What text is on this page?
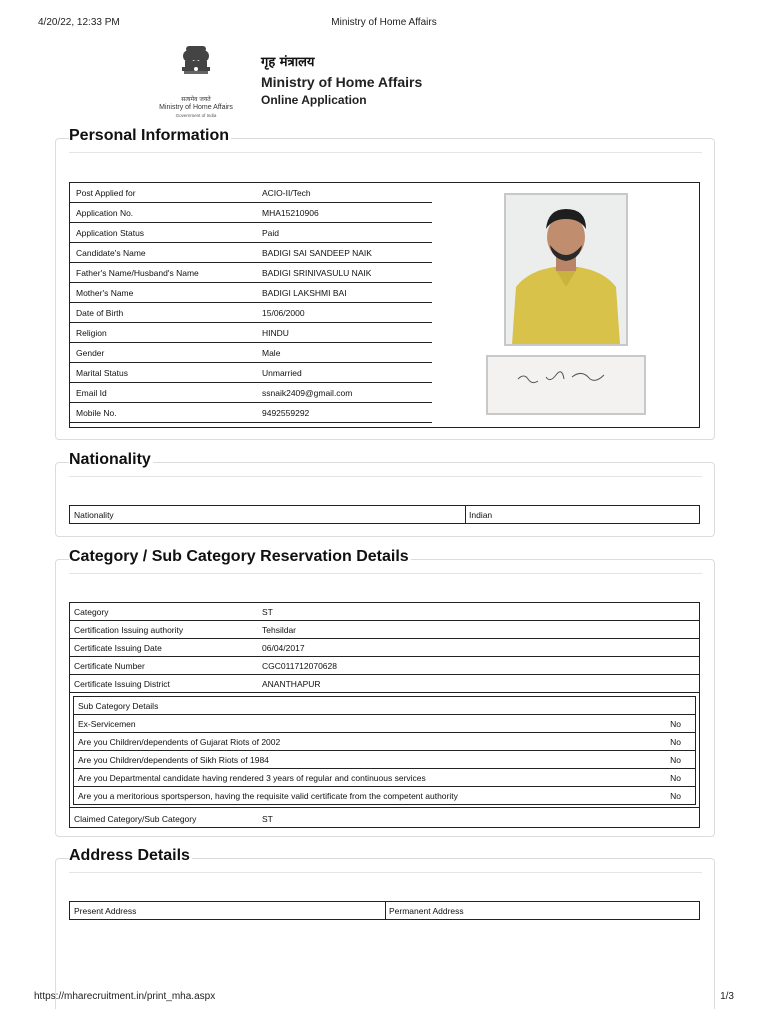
4/20/22, 12:33 PM	Ministry of Home Affairs
सत्यमेव जयते
Ministry of Home Affairs
Government of India
गृह मंत्रालय
Ministry of Home Affairs
Online Application
Personal Information
Post Applied for	ACIO-II/Tech
Application No.	MHA15210906
Application Status	Paid
Candidate's Name	BADIGI SAI SANDEEP NAIK
Father's Name/Husband's Name	BADIGI SRINIVASULU NAIK
Mother's Name	BADIGI LAKSHMI BAI
Date of Birth	15/06/2000
Religion	HINDU
Gender	Male
Marital Status	Unmarried
Email Id	ssnaik2409@gmail.com
Mobile No.	9492559292
Nationality
Nationality	Indian
Category / Sub Category Reservation Details
Category	ST
Certification Issuing authority	Tehsildar
Certificate Issuing Date	06/04/2017
Certificate Number	CGC011712070628
Certificate Issuing District	ANANTHAPUR
Sub Category Details
Ex-Servicemen	No
Are you Children/dependents of Gujarat Riots of 2002	No
Are you Children/dependents of Sikh Riots of 1984	No
Are you Departmental candidate having rendered 3 years of regular and continuous services	No
Are you a meritorious sportsperson, having the requisite valid certificate from the competent authority	No
Claimed Category/Sub Category	ST
Address Details
Present Address	Permanent Address
https://mharecruitment.in/print_mha.aspx	1/3
